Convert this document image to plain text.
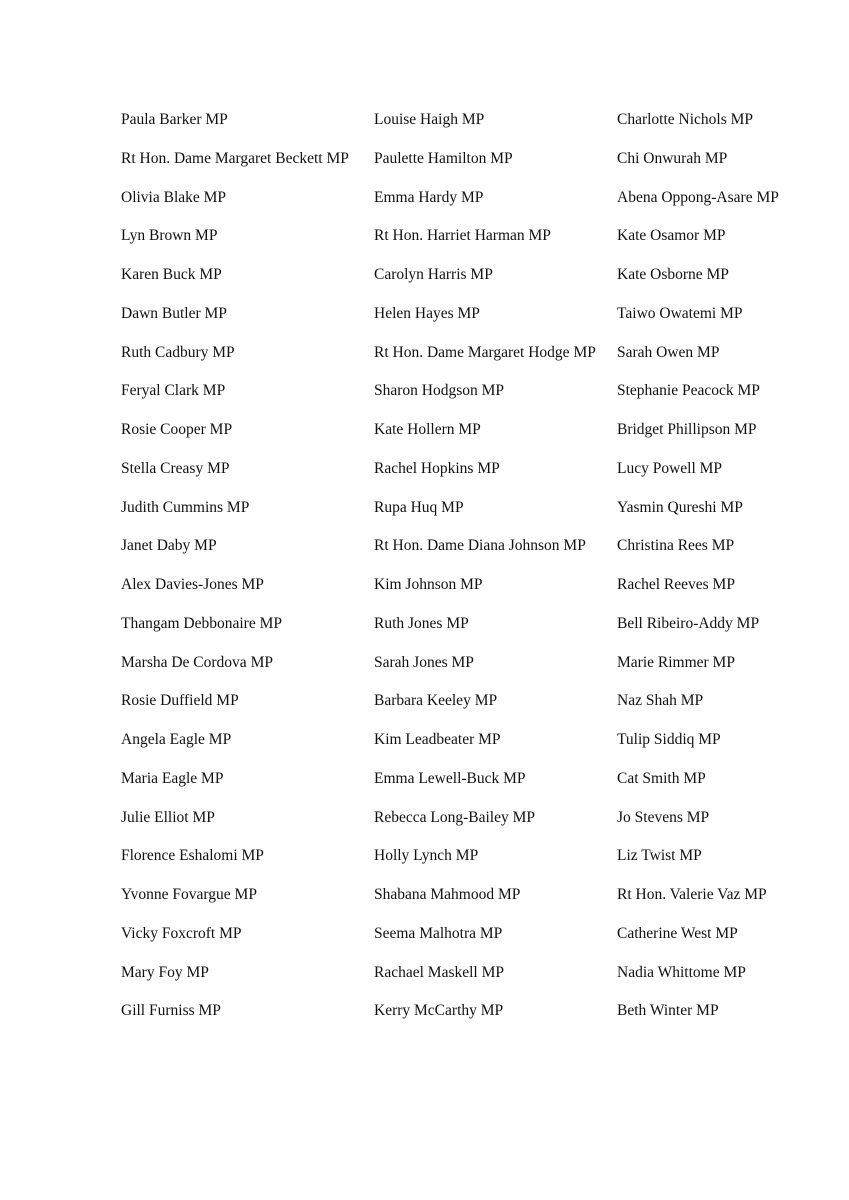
Paula Barker MP
Rt Hon. Dame Margaret Beckett MP
Olivia Blake MP
Lyn Brown MP
Karen Buck MP
Dawn Butler MP
Ruth Cadbury MP
Feryal Clark MP
Rosie Cooper MP
Stella Creasy MP
Judith Cummins MP
Janet Daby MP
Alex Davies-Jones MP
Thangam Debbonaire MP
Marsha De Cordova MP
Rosie Duffield MP
Angela Eagle MP
Maria Eagle MP
Julie Elliot MP
Florence Eshalomi MP
Yvonne Fovargue MP
Vicky Foxcroft MP
Mary Foy MP
Gill Furniss MP
Louise Haigh MP
Paulette Hamilton MP
Emma Hardy MP
Rt Hon. Harriet Harman MP
Carolyn Harris MP
Helen Hayes MP
Rt Hon. Dame Margaret Hodge MP
Sharon Hodgson MP
Kate Hollern MP
Rachel Hopkins MP
Rupa Huq MP
Rt Hon. Dame Diana Johnson MP
Kim Johnson MP
Ruth Jones MP
Sarah Jones MP
Barbara Keeley MP
Kim Leadbeater MP
Emma Lewell-Buck MP
Rebecca Long-Bailey MP
Holly Lynch MP
Shabana Mahmood MP
Seema Malhotra MP
Rachael Maskell MP
Kerry McCarthy MP
Charlotte Nichols MP
Chi Onwurah MP
Abena Oppong-Asare MP
Kate Osamor MP
Kate Osborne MP
Taiwo Owatemi MP
Sarah Owen MP
Stephanie Peacock MP
Bridget Phillipson MP
Lucy Powell MP
Yasmin Qureshi MP
Christina Rees MP
Rachel Reeves MP
Bell Ribeiro-Addy MP
Marie Rimmer MP
Naz Shah MP
Tulip Siddiq MP
Cat Smith MP
Jo Stevens MP
Liz Twist MP
Rt Hon. Valerie Vaz MP
Catherine West MP
Nadia Whittome MP
Beth Winter MP
